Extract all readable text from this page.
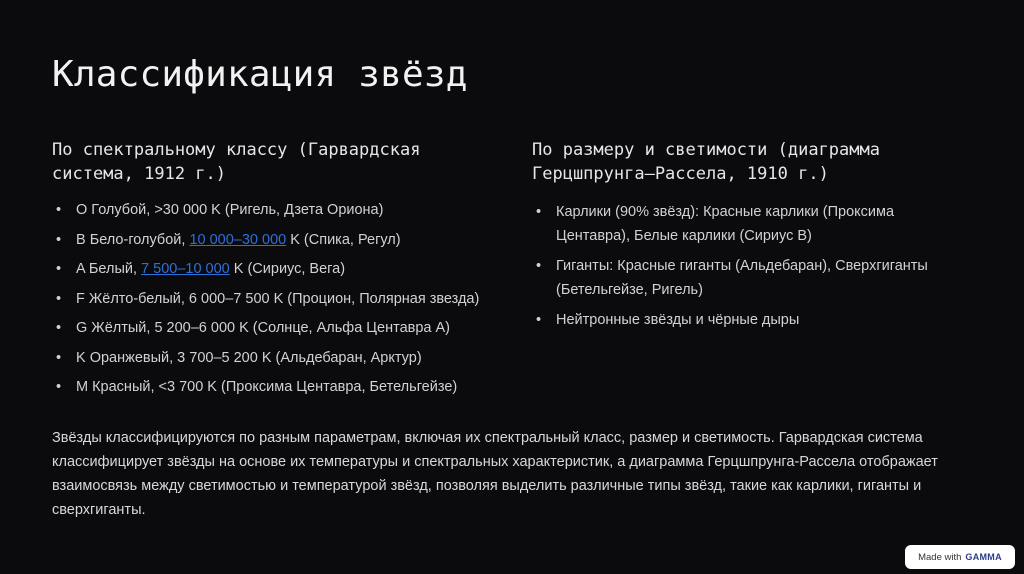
Классификация звёзд
По спектральному классу (Гарвардская система, 1912 г.)
• O Голубой, >30 000 K (Ригель, Дзета Ориона)
• B Бело-голубой, 10 000–30 000 K (Спика, Регул)
• A Белый, 7 500–10 000 K (Сириус, Вега)
• F Жёлто-белый, 6 000–7 500 K (Процион, Полярная звезда)
• G Жёлтый, 5 200–6 000 K (Солнце, Альфа Центавра A)
• K Оранжевый, 3 700–5 200 K (Альдебаран, Арктур)
• M Красный, <3 700 K (Проксима Центавра, Бетельгейзе)
По размеру и светимости (диаграмма Герцшпрунга–Рассела, 1910 г.)
• Карлики (90% звёзд): Красные карлики (Проксима Центавра), Белые карлики (Сириус B)
• Гиганты: Красные гиганты (Альдебаран), Сверхгиганты (Бетельгейзе, Ригель)
• Нейтронные звёзды и чёрные дыры

Звёзды классифицируются по разным параметрам, включая их спектральный класс, размер и светимость. Гарвардская система классифицирует звёзды на основе их температуры и спектральных характеристик, а диаграмма Герцшпрунга-Рассела отображает взаимосвязь между светимостью и температурой звёзд, позволяя выделить различные типы звёзд, такие как карлики, гиганты и сверхгиганты.

Made with GAMMA
